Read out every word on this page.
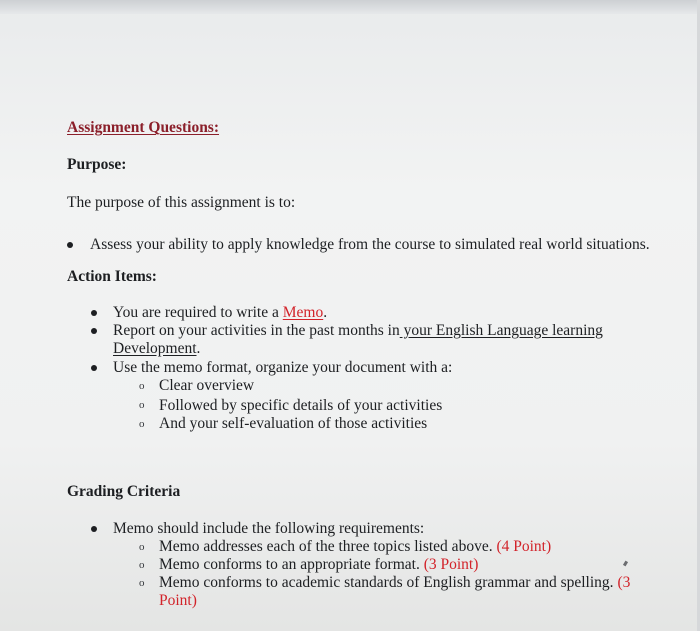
Assignment Questions:
Purpose:
The purpose of this assignment is to:
Assess your ability to apply knowledge from the course to simulated real world situations.
Action Items:
You are required to write a Memo.
Report on your activities in the past months in your English Language learning
Development.
Use the memo format, organize your document with a:
o Clear overview
o Followed by specific details of your activities
o And your self-evaluation of those activities
Grading Criteria
Memo should include the following requirements:
o Memo addresses each of the three topics listed above. (4 Point)
o Memo conforms to an appropriate format. (3 Point)
o Memo conforms to academic standards of English grammar and spelling. (3
Point)
